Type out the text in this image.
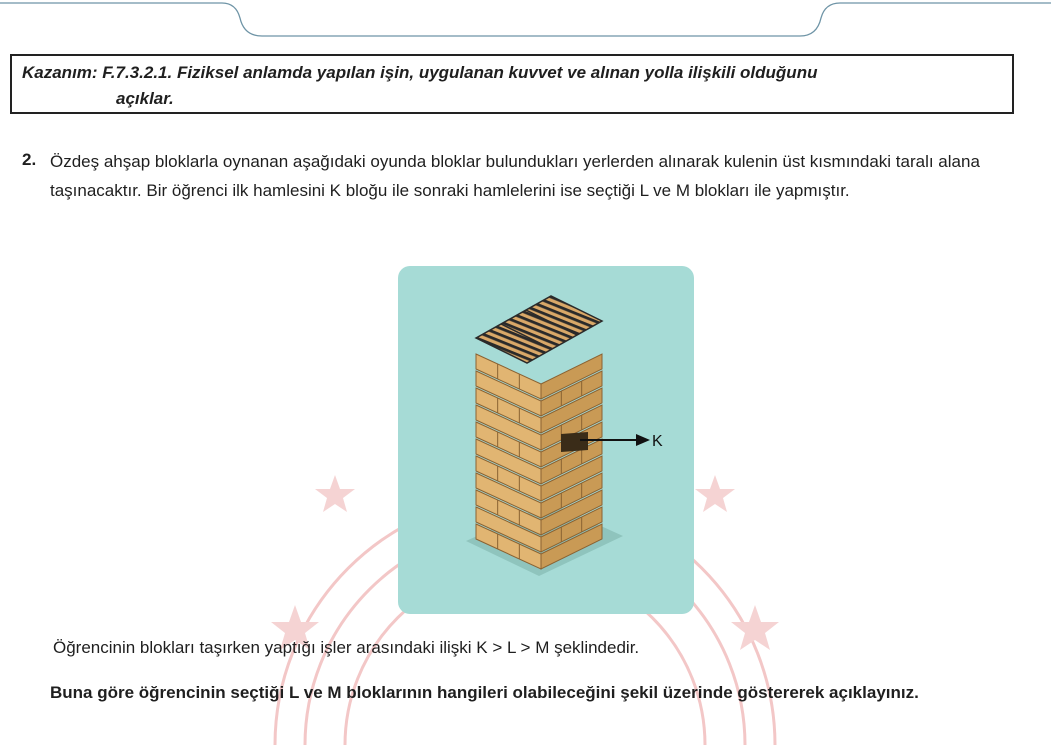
Kazanım: F.7.3.2.1. Fiziksel anlamda yapılan işin, uygulanan kuvvet ve alınan yolla ilişkili olduğunu
açıklar.
2. Özdeş ahşap bloklarla oynanan aşağıdaki oyunda bloklar bulundukları yerlerden alınarak kulenin üst kısmındaki taralı alana taşınacaktır. Bir öğrenci ilk hamlesini K bloğu ile sonraki hamlelerini ise seçtiği L ve M blokları ile yapmıştır.
K
Öğrencinin blokları taşırken yaptığı işler arasındaki ilişki K > L > M şeklindedir.
Buna göre öğrencinin seçtiği L ve M bloklarının hangileri olabileceğini şekil üzerinde göstererek açıklayınız.
